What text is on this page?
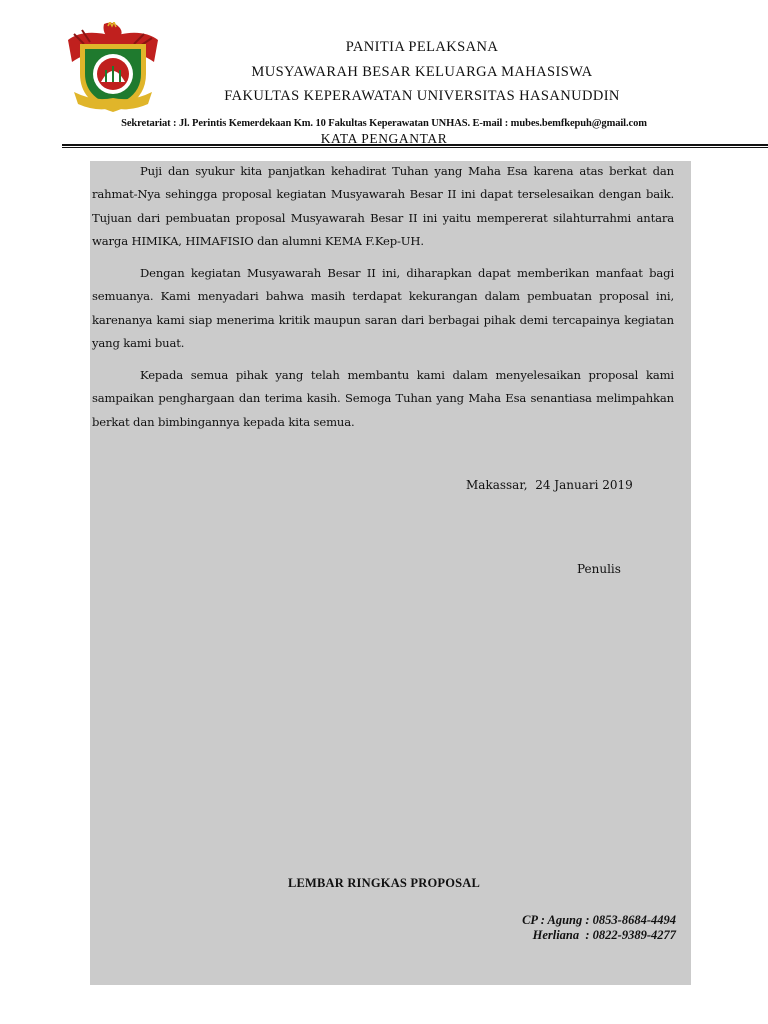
PANITIA PELAKSANA
MUSYAWARAH BESAR KELUARGA MAHASISWA
FAKULTAS KEPERAWATAN UNIVERSITAS HASANUDDIN
Sekretariat : Jl. Perintis Kemerdekaan Km. 10 Fakultas Keperawatan UNHAS. E-mail : mubes.bemfkepuh@gmail.com
KATA PENGANTAR
Puji dan syukur kita panjatkan kehadirat Tuhan yang Maha Esa karena atas berkat dan rahmat-Nya sehingga proposal kegiatan Musyawarah Besar II ini dapat terselesaikan dengan baik. Tujuan dari pembuatan proposal Musyawarah Besar II ini yaitu mempererat silahturrahmi antara warga HIMIKA, HIMAFISIO dan alumni KEMA F.Kep-UH.
Dengan kegiatan Musyawarah Besar II ini, diharapkan dapat memberikan manfaat bagi semuanya. Kami menyadari bahwa masih terdapat kekurangan dalam pembuatan proposal ini, karenanya kami siap menerima kritik maupun saran dari berbagai pihak demi tercapainya kegiatan yang kami buat.
Kepada semua pihak yang telah membantu kami dalam menyelesaikan proposal kami sampaikan penghargaan dan terima kasih. Semoga Tuhan yang Maha Esa senantiasa melimpahkan berkat dan bimbingannya kepada kita semua.
Makassar,  24 Januari 2019
Penulis
LEMBAR RINGKAS PROPOSAL
CP : Agung : 0853-8684-4494
Herliana  : 0822-9389-4277
